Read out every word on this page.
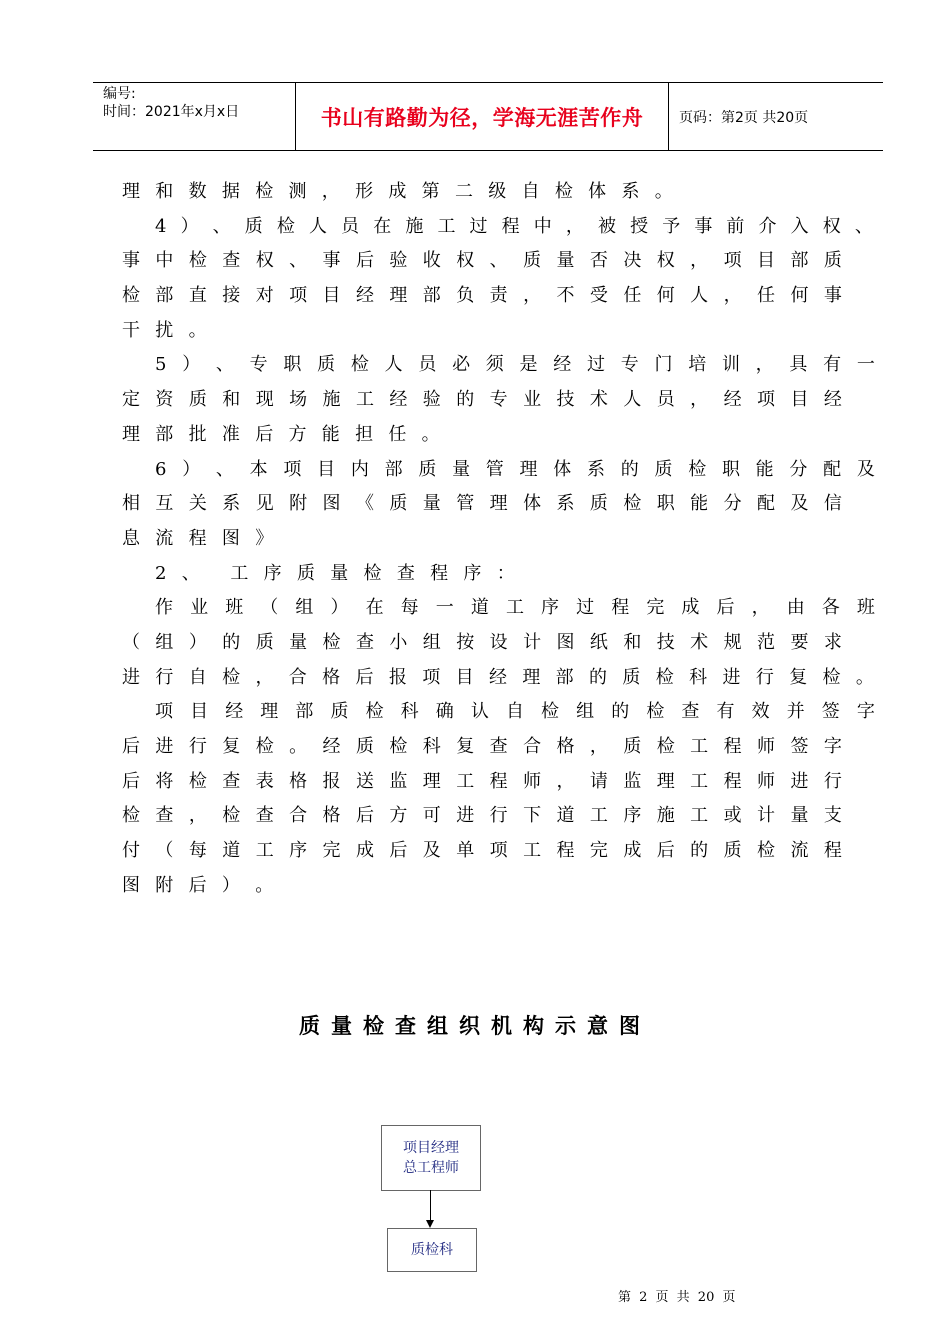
编号:
时间：2021年x月x日	书山有路勤为径，学海无涯苦作舟	页码：第2页 共20页
理 和 数 据 检 测 ， 形 成 第 二 级 自 检 体 系 。
4 ） 、 质 检 人 员 在 施 工 过 程 中 ， 被 授 予 事 前 介 入 权 、
事 中 检 查 权 、 事 后 验 收 权 、 质 量 否 决 权 ， 项 目 部 质
检 部 直 接 对 项 目 经 理 部 负 责 ， 不 受 任 何 人 ， 任 何 事
干 扰 。
5 ） 、 专 职 质 检 人 员 必 须 是 经 过 专 门 培 训 ， 具 有 一
定 资 质 和 现 场 施 工 经 验 的 专 业 技 术 人 员 ， 经 项 目 经
理 部 批 准 后 方 能 担 任 。
6 ） 、 本 项 目 内 部 质 量 管 理 体 系 的 质 检 职 能 分 配 及
相 互 关 系 见 附 图 《 质 量 管 理 体 系 质 检 职 能 分 配 及 信
息 流 程 图 》
2 、 工 序 质 量 检 查 程 序 ：
作 业 班 （ 组 ） 在 每 一 道 工 序 过 程 完 成 后 ， 由 各 班
（ 组 ） 的 质 量 检 查 小 组 按 设 计 图 纸 和 技 术 规 范 要 求
进 行 自 检 ， 合 格 后 报 项 目 经 理 部 的 质 检 科 进 行 复 检 。
项 目 经 理 部 质 检 科 确 认 自 检 组 的 检 查 有 效 并 签 字
后 进 行 复 检 。 经 质 检 科 复 查 合 格 ， 质 检 工 程 师 签 字
后 将 检 查 表 格 报 送 监 理 工 程 师 ， 请 监 理 工 程 师 进 行
检 查 ， 检 查 合 格 后 方 可 进 行 下 道 工 序 施 工 或 计 量 支
付 （ 每 道 工 序 完 成 后 及 单 项 工 程 完 成 后 的 质 检 流 程
图 附 后 ） 。
质量检查组织机构示意图
项目经理
总工程师
质检科
第 2 页 共 20 页
